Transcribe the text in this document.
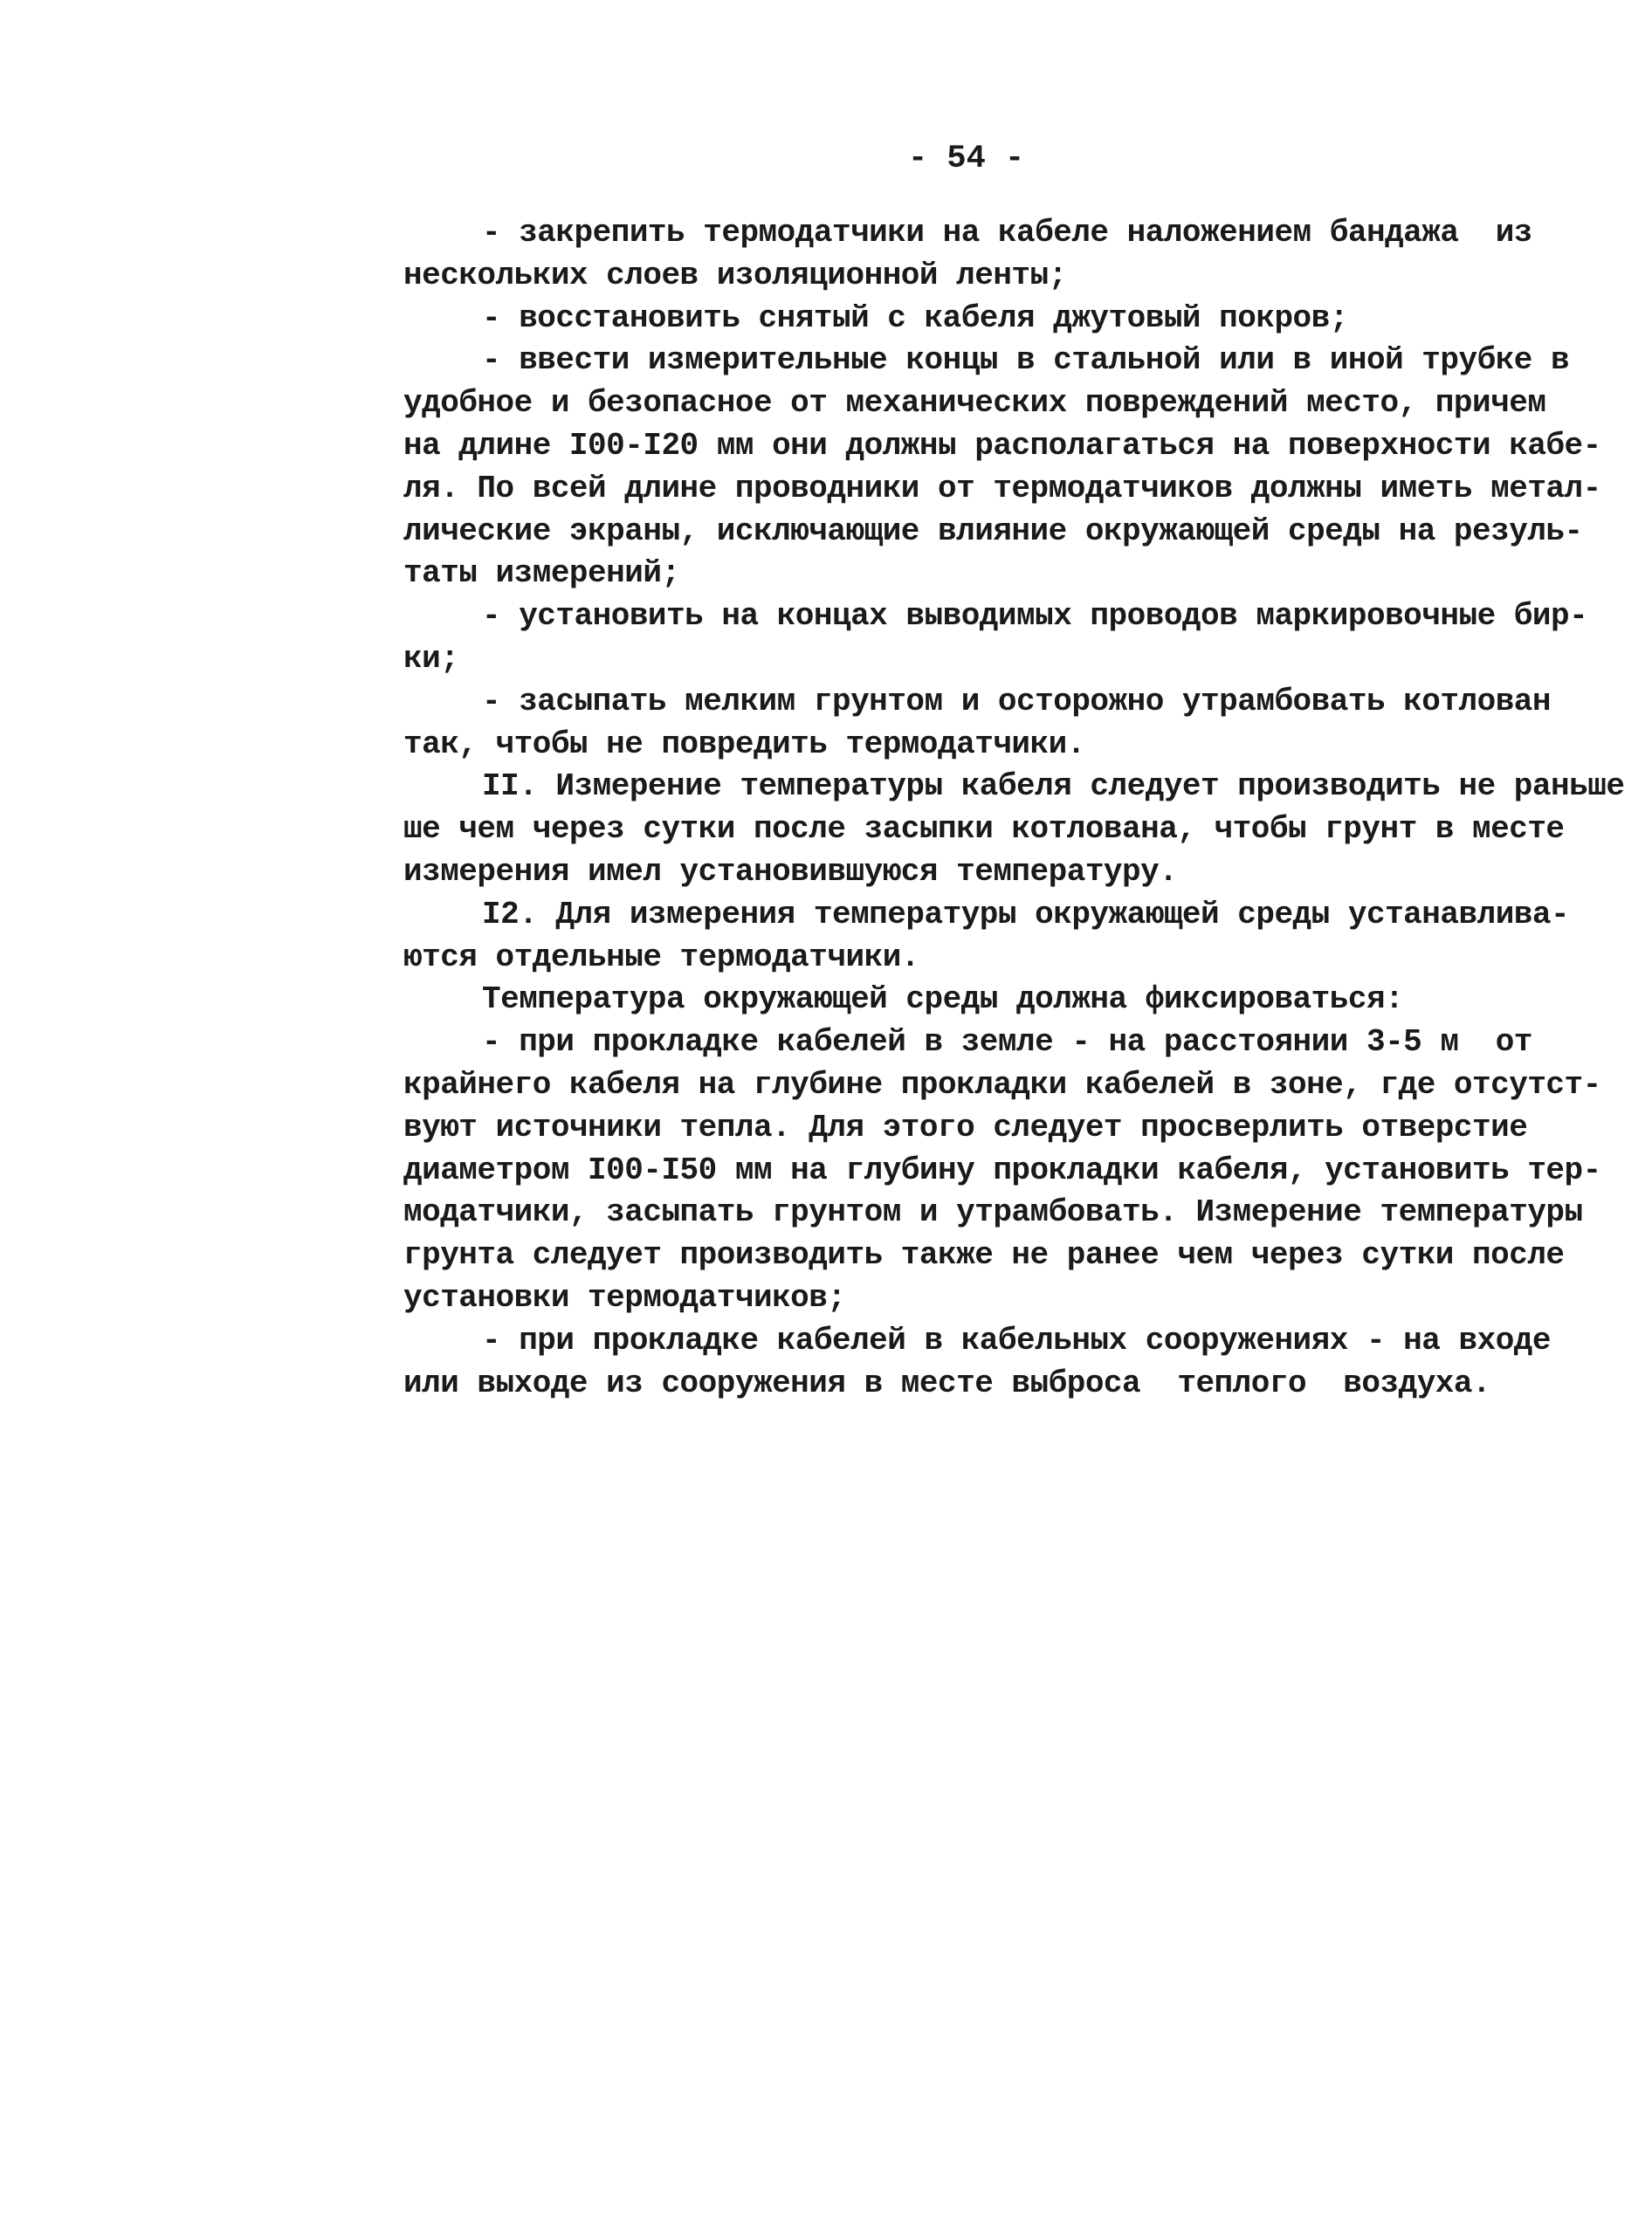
- 54 -
- закрепить термодатчики на кабеле наложением бандажа  из
нескольких слоев изоляционной ленты;
- восстановить снятый с кабеля джутовый покров;
- ввести измерительные концы в стальной или в иной трубке в
удобное и безопасное от механических повреждений место, причем
на длине I00-I20 мм они должны располагаться на поверхности кабе-
ля. По всей длине проводники от термодатчиков должны иметь метал-
лические экраны, исключающие влияние окружающей среды на резуль-
таты измерений;
- установить на концах выводимых проводов маркировочные бир-
ки;
- засыпать мелким грунтом и осторожно утрамбовать котлован
так, чтобы не повредить термодатчики.
II. Измерение температуры кабеля следует производить не раньше
ше чем через сутки после засыпки котлована, чтобы грунт в месте
измерения имел установившуюся температуру.
I2. Для измерения температуры окружающей среды устанавлива-
ются отдельные термодатчики.
Температура окружающей среды должна фиксироваться:
- при прокладке кабелей в земле - на расстоянии 3-5 м  от
крайнего кабеля на глубине прокладки кабелей в зоне, где отсутст-
вуют источники тепла. Для этого следует просверлить отверстие
диаметром I00-I50 мм на глубину прокладки кабеля, установить тер-
модатчики, засыпать грунтом и утрамбовать. Измерение температуры
грунта следует производить также не ранее чем через сутки после
установки термодатчиков;
- при прокладке кабелей в кабельных сооружениях - на входе
или выходе из сооружения в месте выброса  теплого  воздуха.
